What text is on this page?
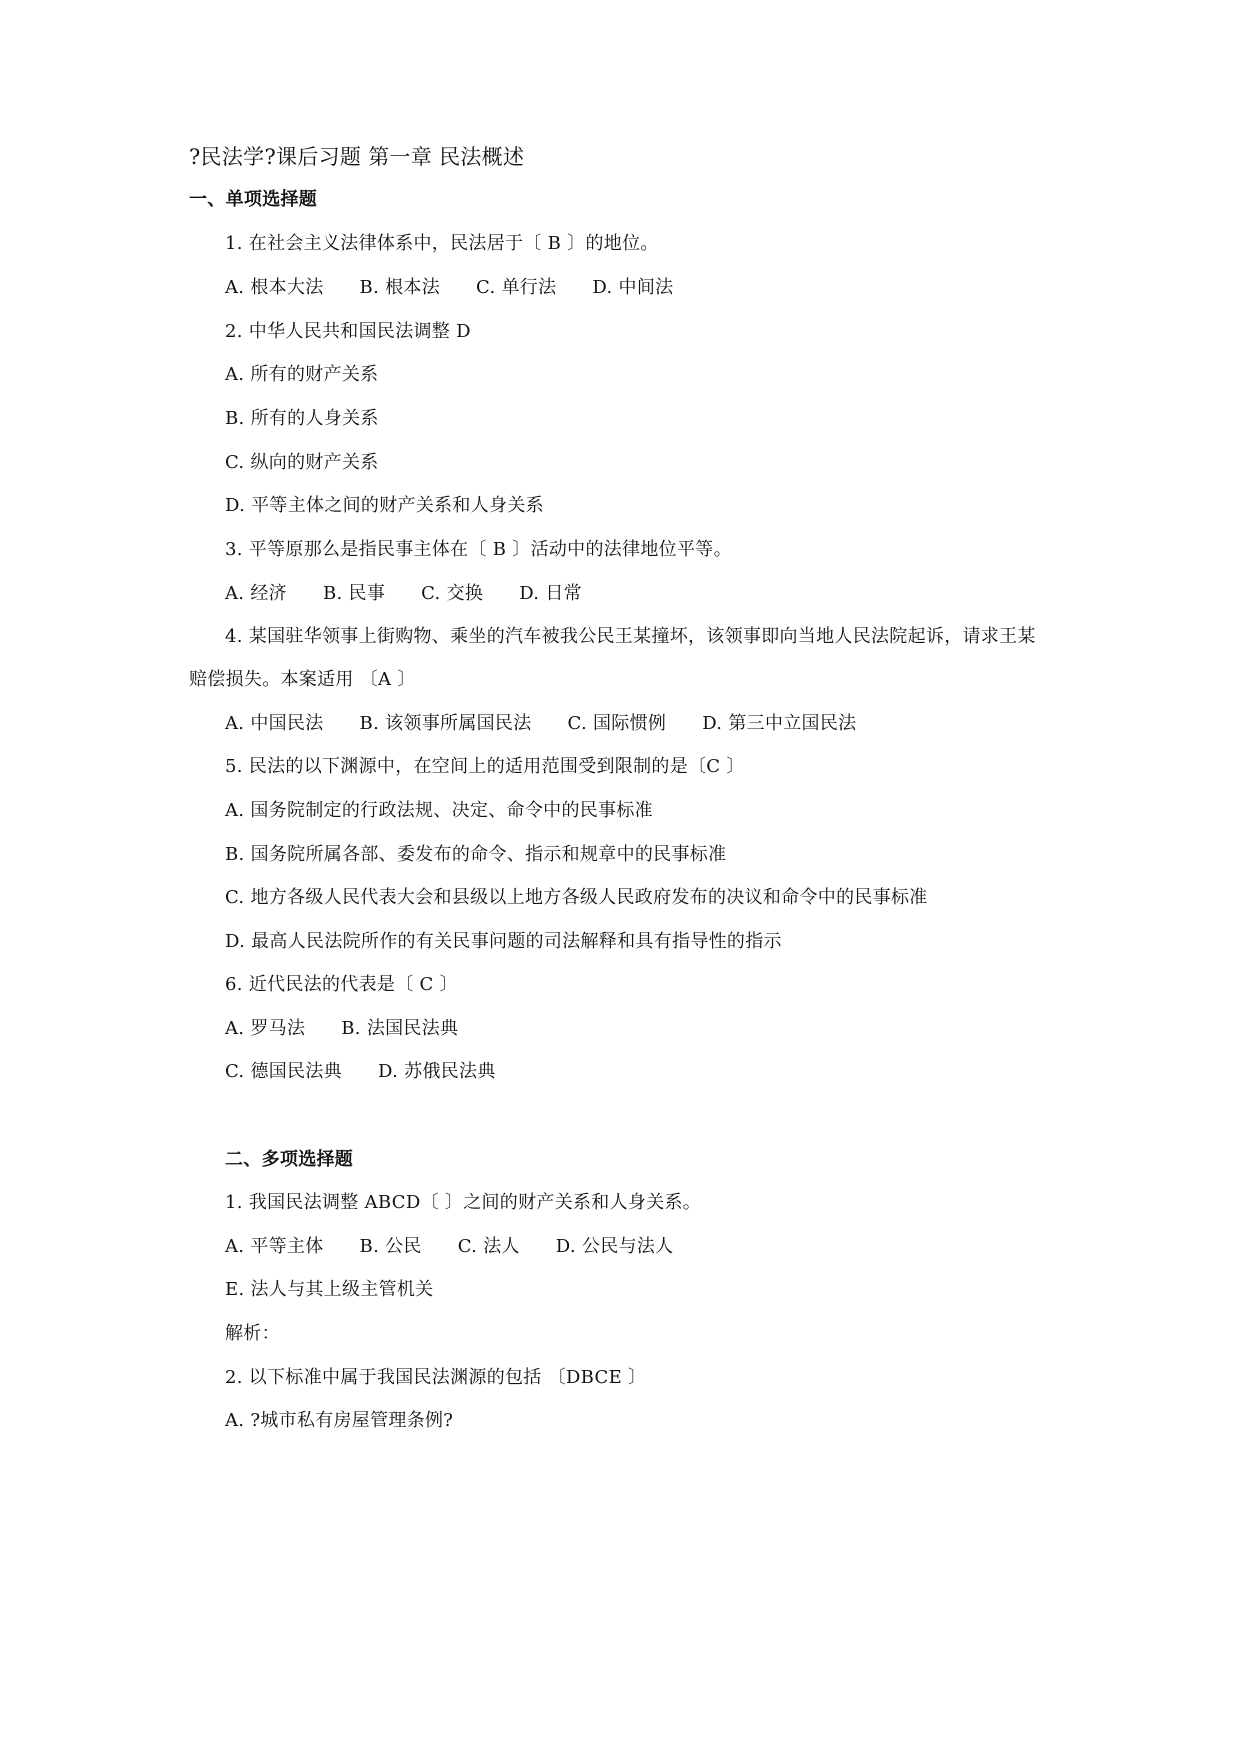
?民法学?课后习题 第一章 民法概述
一、单项选择题
1. 在社会主义法律体系中，民法居于〔 B 〕的地位。
A. 根本大法 B. 根本法 C. 单行法 D. 中间法
2. 中华人民共和国民法调整 D
A. 所有的财产关系
B. 所有的人身关系
C. 纵向的财产关系
D. 平等主体之间的财产关系和人身关系
3. 平等原那么是指民事主体在〔 B 〕活动中的法律地位平等。
A. 经济 B. 民事 C. 交换 D. 日常
4. 某国驻华领事上街购物、乘坐的汽车被我公民王某撞坏，该领事即向当地人民法院起诉，请求王某
赔偿损失。本案适用 〔A 〕
A. 中国民法 B. 该领事所属国民法 C. 国际惯例 D. 第三中立国民法
5. 民法的以下渊源中，在空间上的适用范围受到限制的是〔C 〕
A. 国务院制定的行政法规、决定、命令中的民事标准
B. 国务院所属各部、委发布的命令、指示和规章中的民事标准
C. 地方各级人民代表大会和县级以上地方各级人民政府发布的决议和命令中的民事标准
D. 最高人民法院所作的有关民事问题的司法解释和具有指导性的指示
6. 近代民法的代表是〔 C 〕
A. 罗马法 B. 法国民法典
C. 德国民法典 D. 苏俄民法典
二、多项选择题
1. 我国民法调整 ABCD〔 〕之间的财产关系和人身关系。
A. 平等主体 B. 公民 C. 法人 D. 公民与法人
E. 法人与其上级主管机关
解析：
2. 以下标准中属于我国民法渊源的包括 〔DBCE 〕
A. ?城市私有房屋管理条例?
